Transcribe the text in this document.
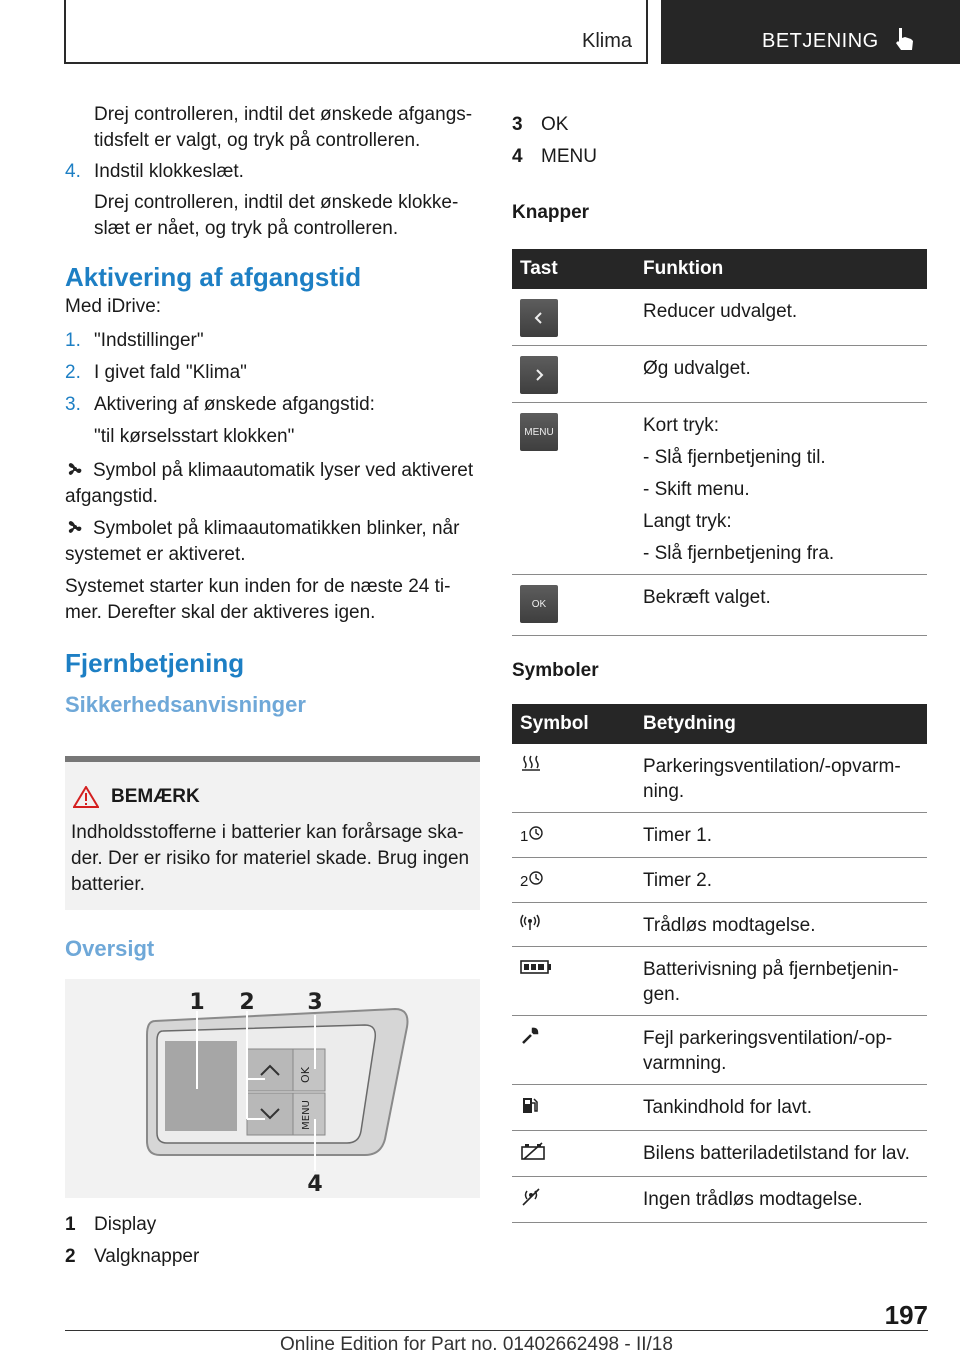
Klima	BETJENING

Drej controlleren, indtil det ønskede afgangstidsfelt er valgt, og tryk på controlleren.

4. Indstil klokkeslæt.

Drej controlleren, indtil det ønskede klokkeslæt er nået, og tryk på controlleren.

Aktivering af afgangstid

Med iDrive:

1. "Indstillinger"
2. I givet fald "Klima"
3. Aktivering af ønskede afgangstid:

"til kørselsstart klokken"

Symbol på klimaautomatik lyser ved aktiveret afgangstid.

Symbolet på klimaautomatikken blinker, når systemet er aktiveret.

Systemet starter kun inden for de næste 24 timer. Derefter skal der aktiveres igen.

Fjernbetjening
Sikkerhedsanvisninger
BEMÆRK

Indholdsstofferne i batterier kan forårsage skader. Der er risiko for materiel skade. Brug ingen batterier.

Oversigt
OK
MENU
1 2 3
4
1 Display
2 Valgknapper
3 OK
4 MENU

Knapper

Tast	Funktion

	Reducer udvalget.

	Øg udvalget.

MENU	Kort tryk:
- Slå fjernbetjening til.
- Skift menu.
Langt tryk:
- Slå fjernbetjening fra.

OK	Bekræft valget.

Symboler

Symbol	Betydning
	Parkeringsventilation/-opvarmning.
1	Timer 1.
2	Timer 2.
	Trådløs modtagelse.
	Batterivisning på fjernbetjeningen.
	Fejl parkeringsventilation/-opvarmning.
	Tankindhold for lavt.
	Bilens batteriladetilstand for lav.
	Ingen trådløs modtagelse.
197
Online Edition for Part no. 01402662498 - II/18
